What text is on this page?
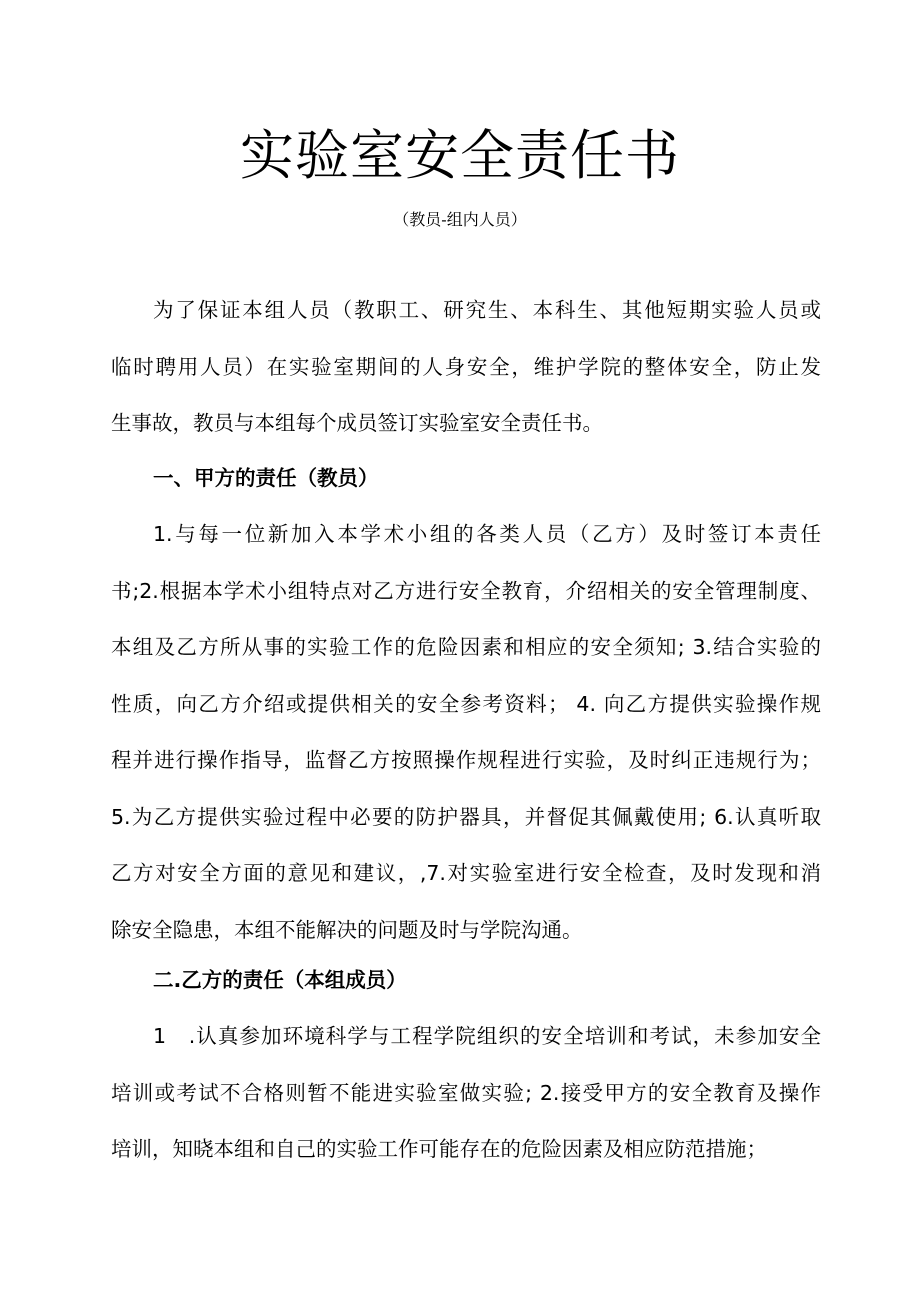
实验室安全责任书
（教员-组内人员）
为了保证本组人员（教职工、研究生、本科生、其他短期实验人员或
临时聘用人员）在实验室期间的人身安全，维护学院的整体安全，防止发
生事故，教员与本组每个成员签订实验室安全责任书。
一、甲方的责任（教员）
1.与每一位新加入本学术小组的各类人员（乙方）及时签订本责任
书;2.根据本学术小组特点对乙方进行安全教育，介绍相关的安全管理制度、
本组及乙方所从事的实验工作的危险因素和相应的安全须知; 3.结合实验的
性质，向乙方介绍或提供相关的安全参考资料； 4. 向乙方提供实验操作规
程并进行操作指导，监督乙方按照操作规程进行实验，及时纠正违规行为；
5.为乙方提供实验过程中必要的防护器具，并督促其佩戴使用; 6.认真听取
乙方对安全方面的意见和建议，,7.对实验室进行安全检查，及时发现和消
除安全隐患，本组不能解决的问题及时与学院沟通。
二.乙方的责任（本组成员）
1　.认真参加环境科学与工程学院组织的安全培训和考试，未参加安全
培训或考试不合格则暂不能进实验室做实验; 2.接受甲方的安全教育及操作
培训，知晓本组和自己的实验工作可能存在的危险因素及相应防范措施；
